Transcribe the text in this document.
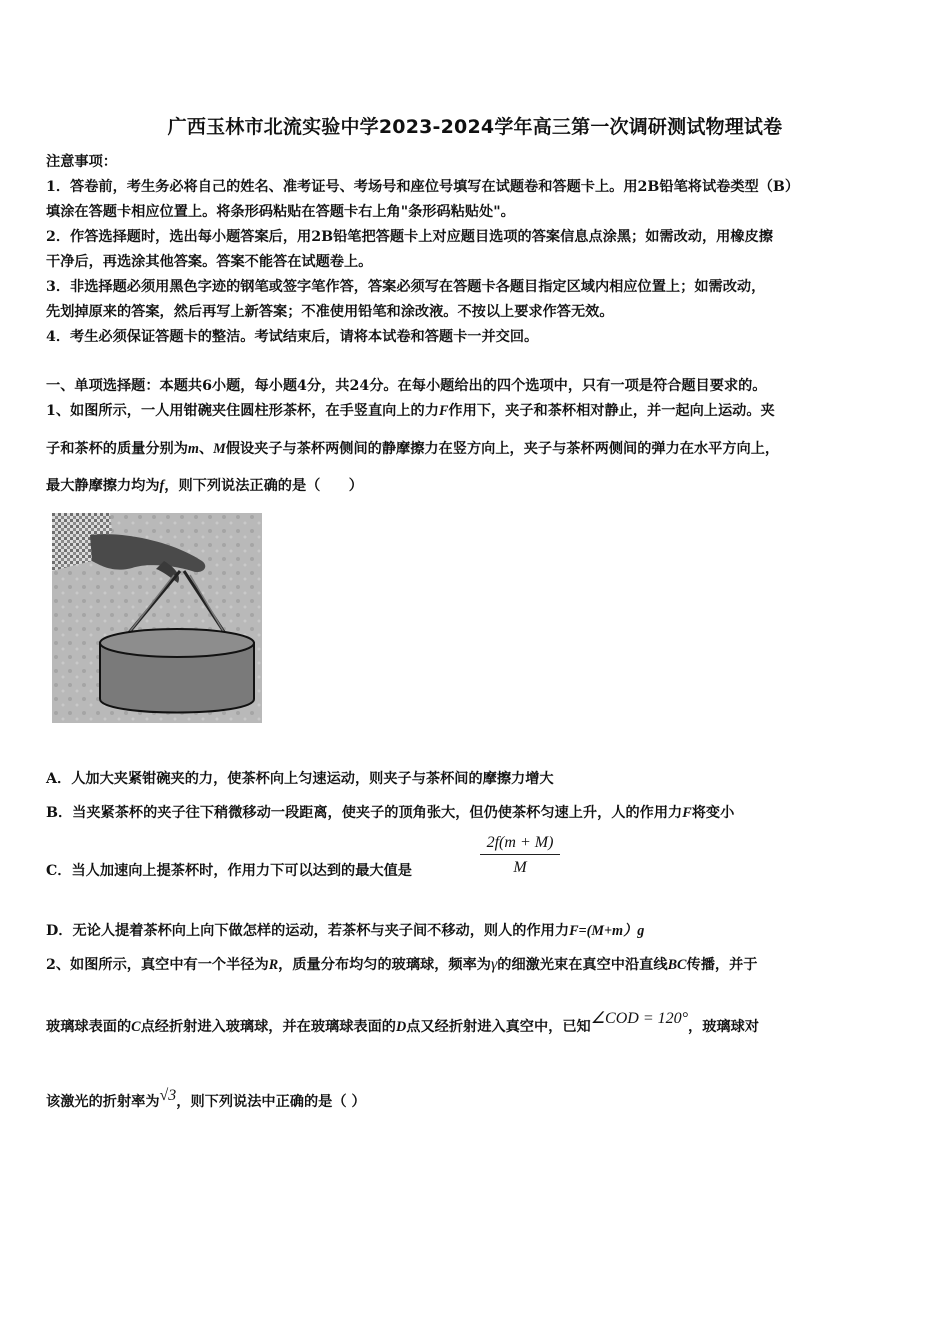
广西玉林市北流实验中学2023-2024学年高三第一次调研测试物理试卷
注意事项：
1．答卷前，考生务必将自己的姓名、准考证号、考场号和座位号填写在试题卷和答题卡上。用2B铅笔将试卷类型（B）
填涂在答题卡相应位置上。将条形码粘贴在答题卡右上角"条形码粘贴处"。
2．作答选择题时，选出每小题答案后，用2B铅笔把答题卡上对应题目选项的答案信息点涂黑；如需改动，用橡皮擦
干净后，再选涂其他答案。答案不能答在试题卷上。
3．非选择题必须用黑色字迹的钢笔或签字笔作答，答案必须写在答题卡各题目指定区域内相应位置上；如需改动，
先划掉原来的答案，然后再写上新答案；不准使用铅笔和涂改液。不按以上要求作答无效。
4．考生必须保证答题卡的整洁。考试结束后，请将本试卷和答题卡一并交回。
一、单项选择题：本题共6小题，每小题4分，共24分。在每小题给出的四个选项中，只有一项是符合题目要求的。
1、如图所示，一人用钳碗夹住圆柱形茶杯，在手竖直向上的力F作用下，夹子和茶杯相对静止，并一起向上运动。夹
子和茶杯的质量分别为m、M假设夹子与茶杯两侧间的静摩擦力在竖方向上，夹子与茶杯两侧间的弹力在水平方向上，
最大静摩擦力均为f，则下列说法正确的是（　　）
A．人加大夹紧钳碗夹的力，使茶杯向上匀速运动，则夹子与茶杯间的摩擦力增大
B．当夹紧茶杯的夹子往下稍微移动一段距离，使夹子的顶角张大，但仍使茶杯匀速上升，人的作用力F将变小
C．当人加速向上提茶杯时，作用力下可以达到的最大值是	$\frac{2f(m + M)}{M}$
D．无论人提着茶杯向上向下做怎样的运动，若茶杯与夹子间不移动，则人的作用力F=(M+m）g
2、如图所示，真空中有一个半径为R，质量分布均匀的玻璃球，频率为γ的细激光束在真空中沿直线BC传播，并于
玻璃球表面的C点经折射进入玻璃球，并在玻璃球表面的D点又经折射进入真空中，已知∠COD = 120°，玻璃球对
该激光的折射率为√3，则下列说法中正确的是（ ）
